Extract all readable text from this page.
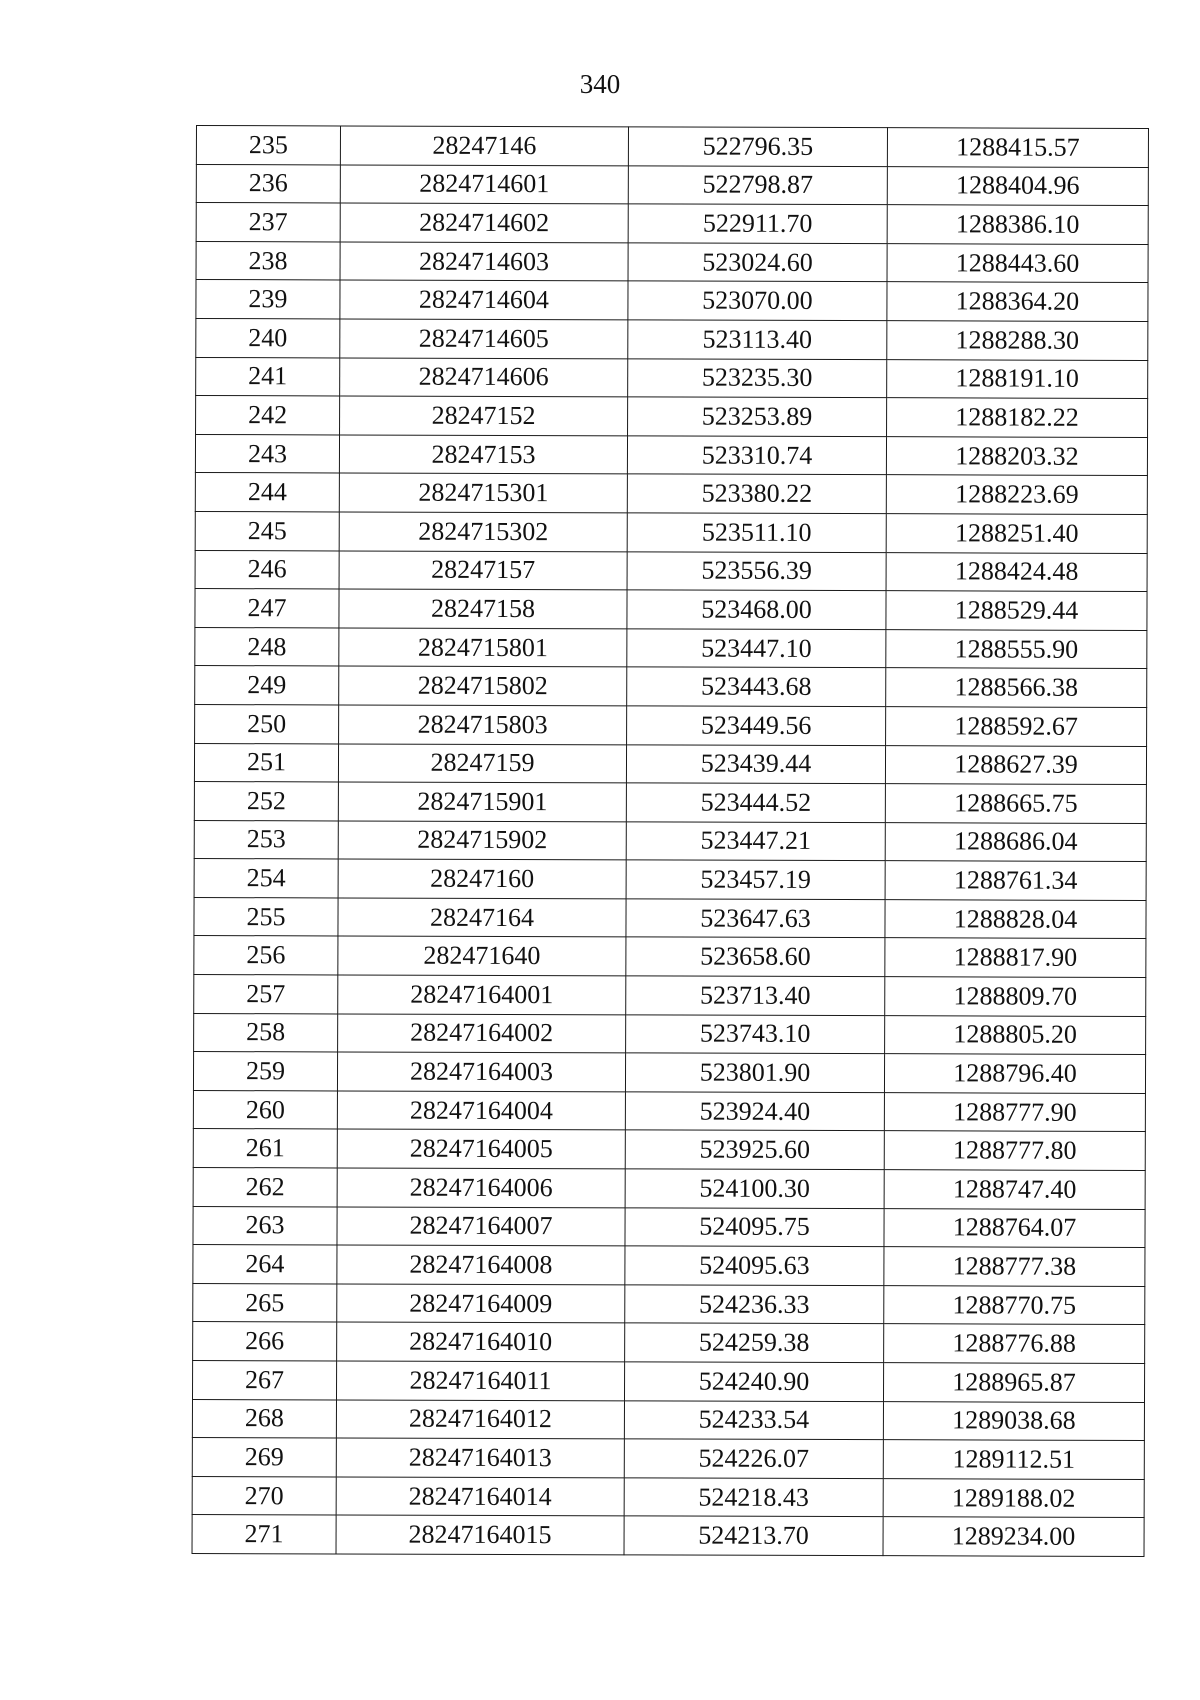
340
235	28247146	522796.35	1288415.57
236	2824714601	522798.87	1288404.96
237	2824714602	522911.70	1288386.10
238	2824714603	523024.60	1288443.60
239	2824714604	523070.00	1288364.20
240	2824714605	523113.40	1288288.30
241	2824714606	523235.30	1288191.10
242	28247152	523253.89	1288182.22
243	28247153	523310.74	1288203.32
244	2824715301	523380.22	1288223.69
245	2824715302	523511.10	1288251.40
246	28247157	523556.39	1288424.48
247	28247158	523468.00	1288529.44
248	2824715801	523447.10	1288555.90
249	2824715802	523443.68	1288566.38
250	2824715803	523449.56	1288592.67
251	28247159	523439.44	1288627.39
252	2824715901	523444.52	1288665.75
253	2824715902	523447.21	1288686.04
254	28247160	523457.19	1288761.34
255	28247164	523647.63	1288828.04
256	282471640	523658.60	1288817.90
257	28247164001	523713.40	1288809.70
258	28247164002	523743.10	1288805.20
259	28247164003	523801.90	1288796.40
260	28247164004	523924.40	1288777.90
261	28247164005	523925.60	1288777.80
262	28247164006	524100.30	1288747.40
263	28247164007	524095.75	1288764.07
264	28247164008	524095.63	1288777.38
265	28247164009	524236.33	1288770.75
266	28247164010	524259.38	1288776.88
267	28247164011	524240.90	1288965.87
268	28247164012	524233.54	1289038.68
269	28247164013	524226.07	1289112.51
270	28247164014	524218.43	1289188.02
271	28247164015	524213.70	1289234.00
